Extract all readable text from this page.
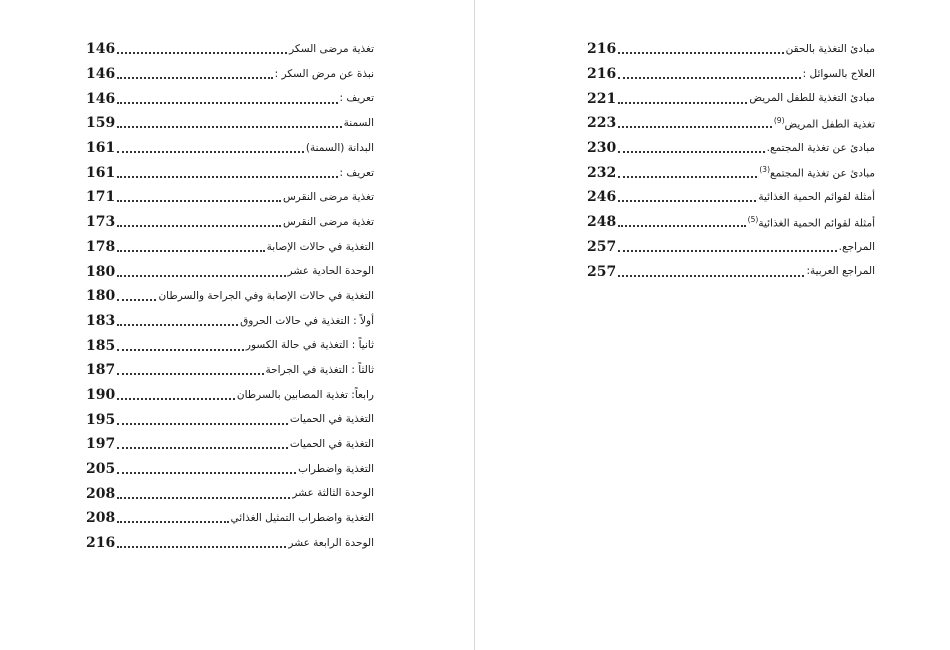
146	تغذية مرضى السكر
146	نبذة عن مرض السكر :
146	تعريف :
159	السمنة
161	البدانة (السمنة)
161	تعريف :
171	تغذية مرضى النقرس
173	تغذية مرضى النقرس
178	التغذية في حالات الإصابة
180	الوحدة الحادية عشر
180	التغذية في حالات الإصابة وفي الجراحة والسرطان
183	أولاً : التغذية في حالات الحروق
185	ثانياً : التغذية في حالة الكسور
187	ثالثاً : التغذية في الجراحة
190	رابعاً: تغذية المصابين بالسرطان
195	التغذية في الحميات
197	التغذية في الحميات
205	التغذية واضطراب
208	الوحدة الثالثة عشر
208	التغذية واضطراب التمثيل الغذائي
216	الوحدة الرابعة عشر
216	مبادئ التغذية بالحقن
216	العلاج بالسوائل :
221	مبادئ التغذية للطفل المريض
223	تغذية الطفل المريض$^{(9)}$
230	مبادئ عن تغذية المجتمع.
232	مبادئ عن تغذية المجتمع$^{(3)}$
246	أمثلة لقوائم الحمية الغذائية
248	أمثلة لقوائم الحمية الغذائية$^{(5)}$
257	المراجع.
257	المراجع العربية:
